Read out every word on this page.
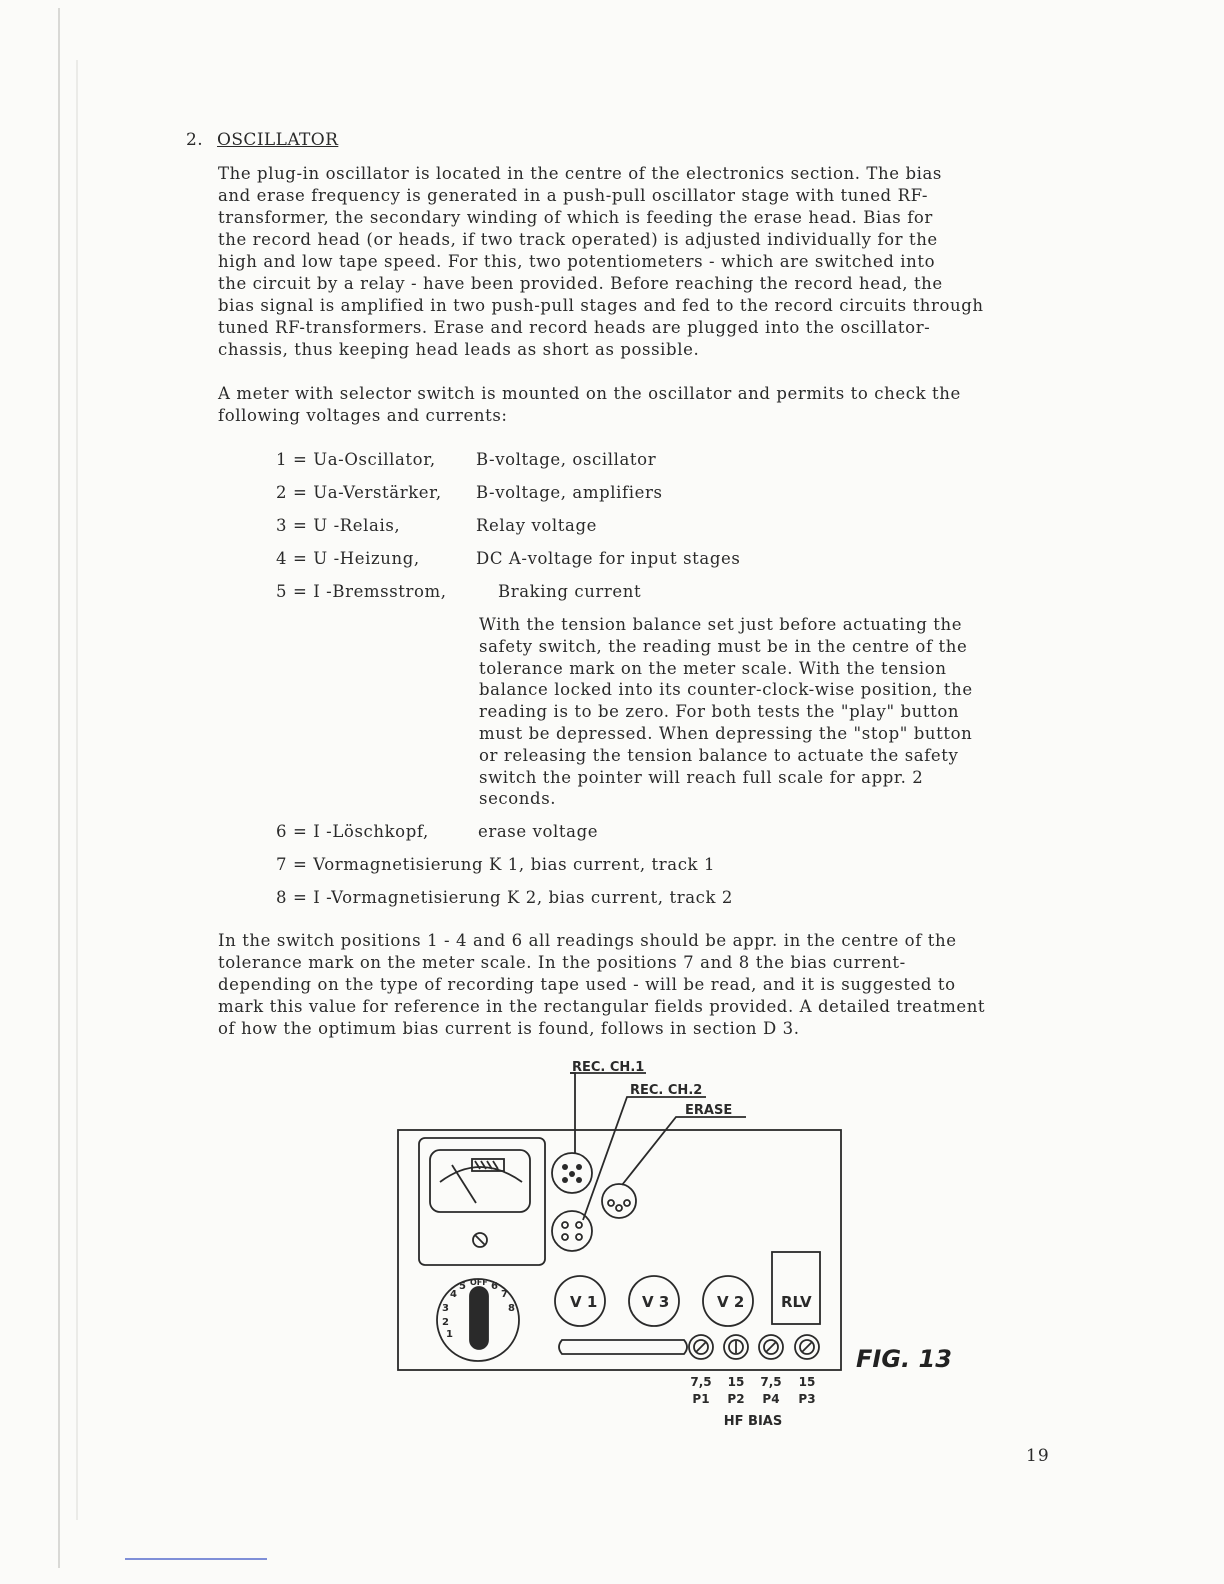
2. OSCILLATOR

The plug-in oscillator is located in the centre of the electronics section. The bias
and erase frequency is generated in a push-pull oscillator stage with tuned RF-
transformer, the secondary winding of which is feeding the erase head. Bias for
the record head (or heads, if two track operated) is adjusted individually for the
high and low tape speed. For this, two potentiometers - which are switched into
the circuit by a relay - have been provided. Before reaching the record head, the
bias signal is amplified in two push-pull stages and fed to the record circuits through
tuned RF-transformers. Erase and record heads are plugged into the oscillator-
chassis, thus keeping head leads as short as possible.

A meter with selector switch is mounted on the oscillator and permits to check the
following voltages and currents:

1 = Ua-Oscillator, B-voltage, oscillator
2 = Ua-Verstärker, B-voltage, amplifiers
3 = U -Relais,	Relay voltage
4 = U -Heizung,	DC A-voltage for input stages
5 = I -Bremsstrom,	Braking current
With the tension balance set just before actuating the
safety switch, the reading must be in the centre of the
tolerance mark on the meter scale. With the tension
balance locked into its counter-clock-wise position, the
reading is to be zero. For both tests the "play" button
must be depressed. When depressing the "stop" button
or releasing the tension balance to actuate the safety
switch the pointer will reach full scale for appr. 2
seconds.
6 = I -Löschkopf,	erase voltage
7 = Vormagnetisierung K 1, bias current, track 1
8 = I -Vormagnetisierung K 2, bias current, track 2

In the switch positions 1 - 4 and 6 all readings should be appr. in the centre of the
tolerance mark on the meter scale. In the positions 7 and 8 the bias current-
depending on the type of recording tape used - will be read, and it is suggested to
mark this value for reference in the rectangular fields provided. A detailed treatment
of how the optimum bias current is found, follows in section D 3.

REC. CH.1
REC. CH.2
ERASE
V 1	V 3	V 2 RLV
1
2
3
4
5 OFF 6
7
8
7,5 15 7,5 15
P1 P2 P4 P3
HF BIAS
FIG. 13
19
